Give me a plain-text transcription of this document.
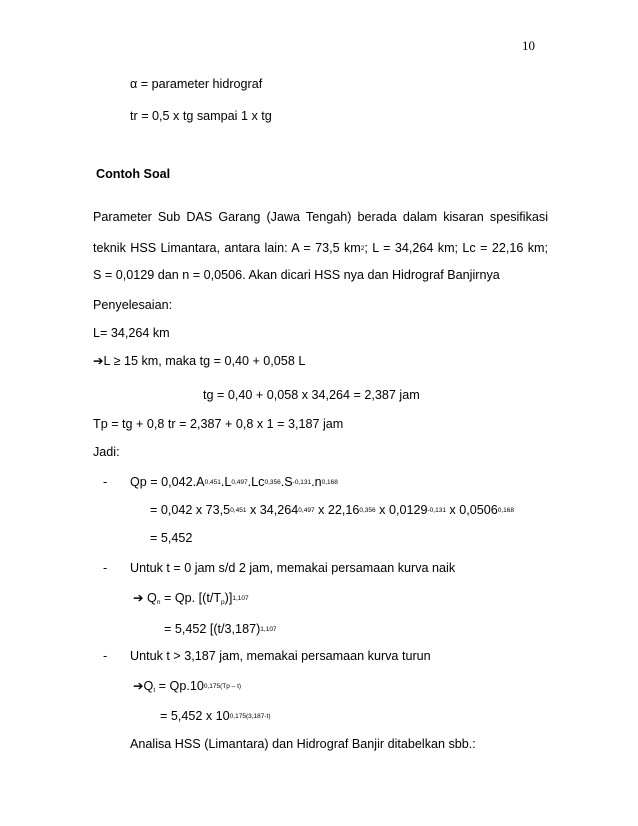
10
α = parameter hidrograf
tr = 0,5 x tg sampai 1 x tg
Contoh Soal
Parameter Sub DAS Garang (Jawa Tengah) berada dalam kisaran spesifikasi
teknik HSS Limantara, antara lain: A = 73,5 $km^2$; L = 34,264 km; Lc = 22,16 km;
S = 0,0129 dan n = 0,0506. Akan dicari HSS nya dan Hidrograf Banjirnya
Penyelesaian:
L= 34,264 km
➔L ≥ 15 km, maka tg = 0,40 + 0,058 L
tg = 0,40 + 0,058 x 34,264 = 2,387 jam
Tp = tg + 0,8 tr = 2,387 + 0,8 x 1 = 3,187 jam
Jadi:
- $Qp = 0,042.A^{0,451}.L^{0,497}.Lc^{0,356}.S^{-0,131}.n^{0,168}$
= 0,042 x 73,5$^{0,451}$ x 34,264$^{0,497}$ x 22,16$^{0,356}$ x $0,0129^{-0,131}$ x $0,0506^{0,168}$
= 5,452
- Untuk t = 0 jam s/d 2 jam, memakai persamaan kurva naik
➔ $Q_n = Qp$. $[(t/T_p)]^{1,107}$
= 5,452 [$(t/3,187)^{1,107}$
- Untuk t > 3,187 jam, memakai persamaan kurva turun
$➔Q_t = Qp.10^{0,175(Tp - t)}$
= 5,452 x $10^{0,175(3,187-t)}$
Analisa HSS (Limantara) dan Hidrograf Banjir ditabelkan sbb.:
